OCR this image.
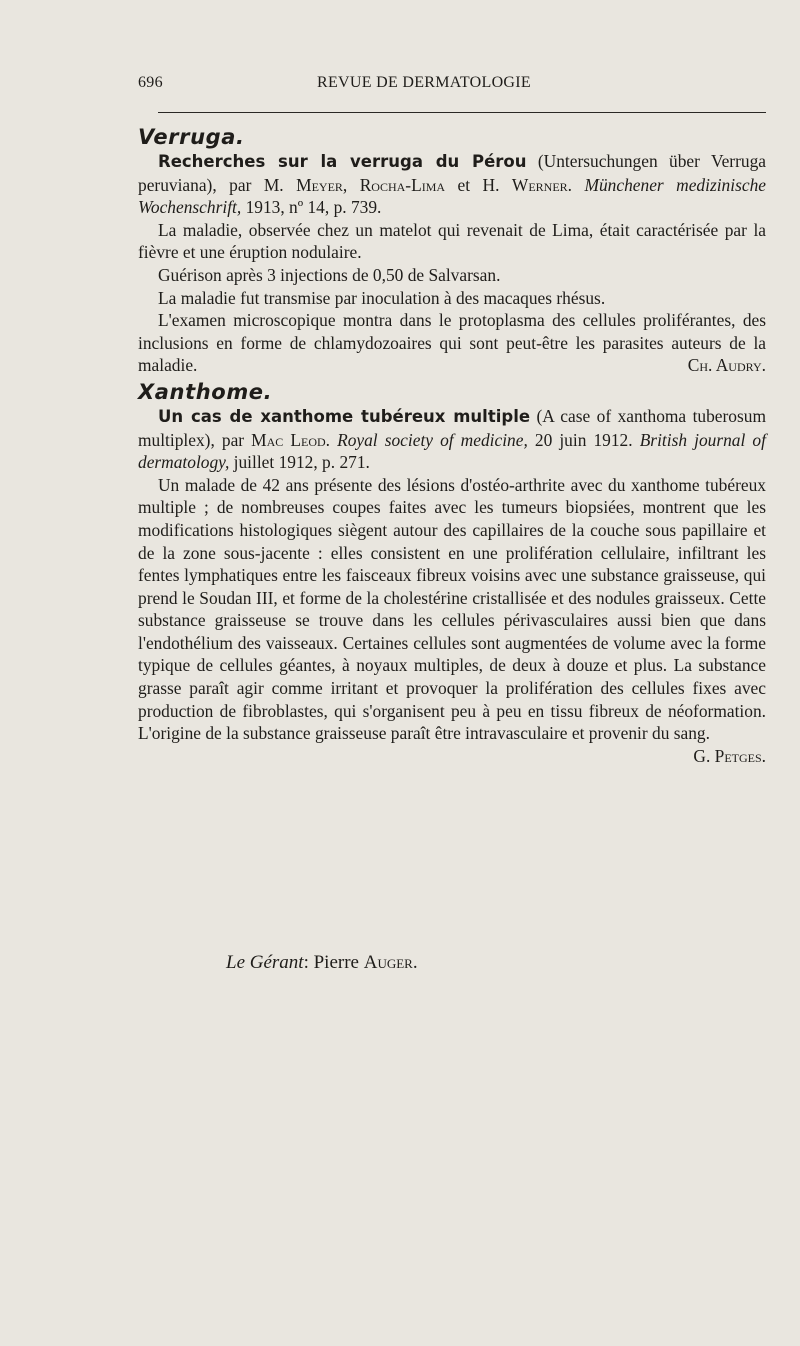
696	REVUE DE DERMATOLOGIE
Verruga.

Recherches sur la verruga du Pérou (Untersuchungen über Verruga peruviana), par M. Meyer, Rocha-Lima et H. Werner. Münchener medizinische Wochenschrift, 1913, nº 14, p. 739.

La maladie, observée chez un matelot qui revenait de Lima, était caractérisée par la fièvre et une éruption nodulaire.

Guérison après 3 injections de 0,50 de Salvarsan.

La maladie fut transmise par inoculation à des macaques rhésus.

L'examen microscopique montra dans le protoplasma des cellules proliférantes, des inclusions en forme de chlamydozoaires qui sont peut-être les parasites auteurs de la maladie.	Ch. Audry.

Xanthome.

Un cas de xanthome tubéreux multiple (A case of xanthoma tuberosum multiplex), par Mac Leod. Royal society of medicine, 20 juin 1912. British journal of dermatology, juillet 1912, p. 271.

Un malade de 42 ans présente des lésions d'ostéo-arthrite avec du xanthome tubéreux multiple ; de nombreuses coupes faites avec les tumeurs biopsiées, montrent que les modifications histologiques siègent autour des capillaires de la couche sous papillaire et de la zone sous-jacente : elles consistent en une prolifération cellulaire, infiltrant les fentes lymphatiques entre les faisceaux fibreux voisins avec une substance graisseuse, qui prend le Soudan III, et forme de la cholestérine cristallisée et des nodules graisseux. Cette substance graisseuse se trouve dans les cellules périvasculaires aussi bien que dans l'endothélium des vaisseaux. Certaines cellules sont augmentées de volume avec la forme typique de cellules géantes, à noyaux multiples, de deux à douze et plus. La substance grasse paraît agir comme irritant et provoquer la prolifération des cellules fixes avec production de fibroblastes, qui s'organisent peu à peu en tissu fibreux de néoformation. L'origine de la substance graisseuse paraît être intravasculaire et provenir du sang.
G. Petges.

Le Gérant: Pierre Auger.
